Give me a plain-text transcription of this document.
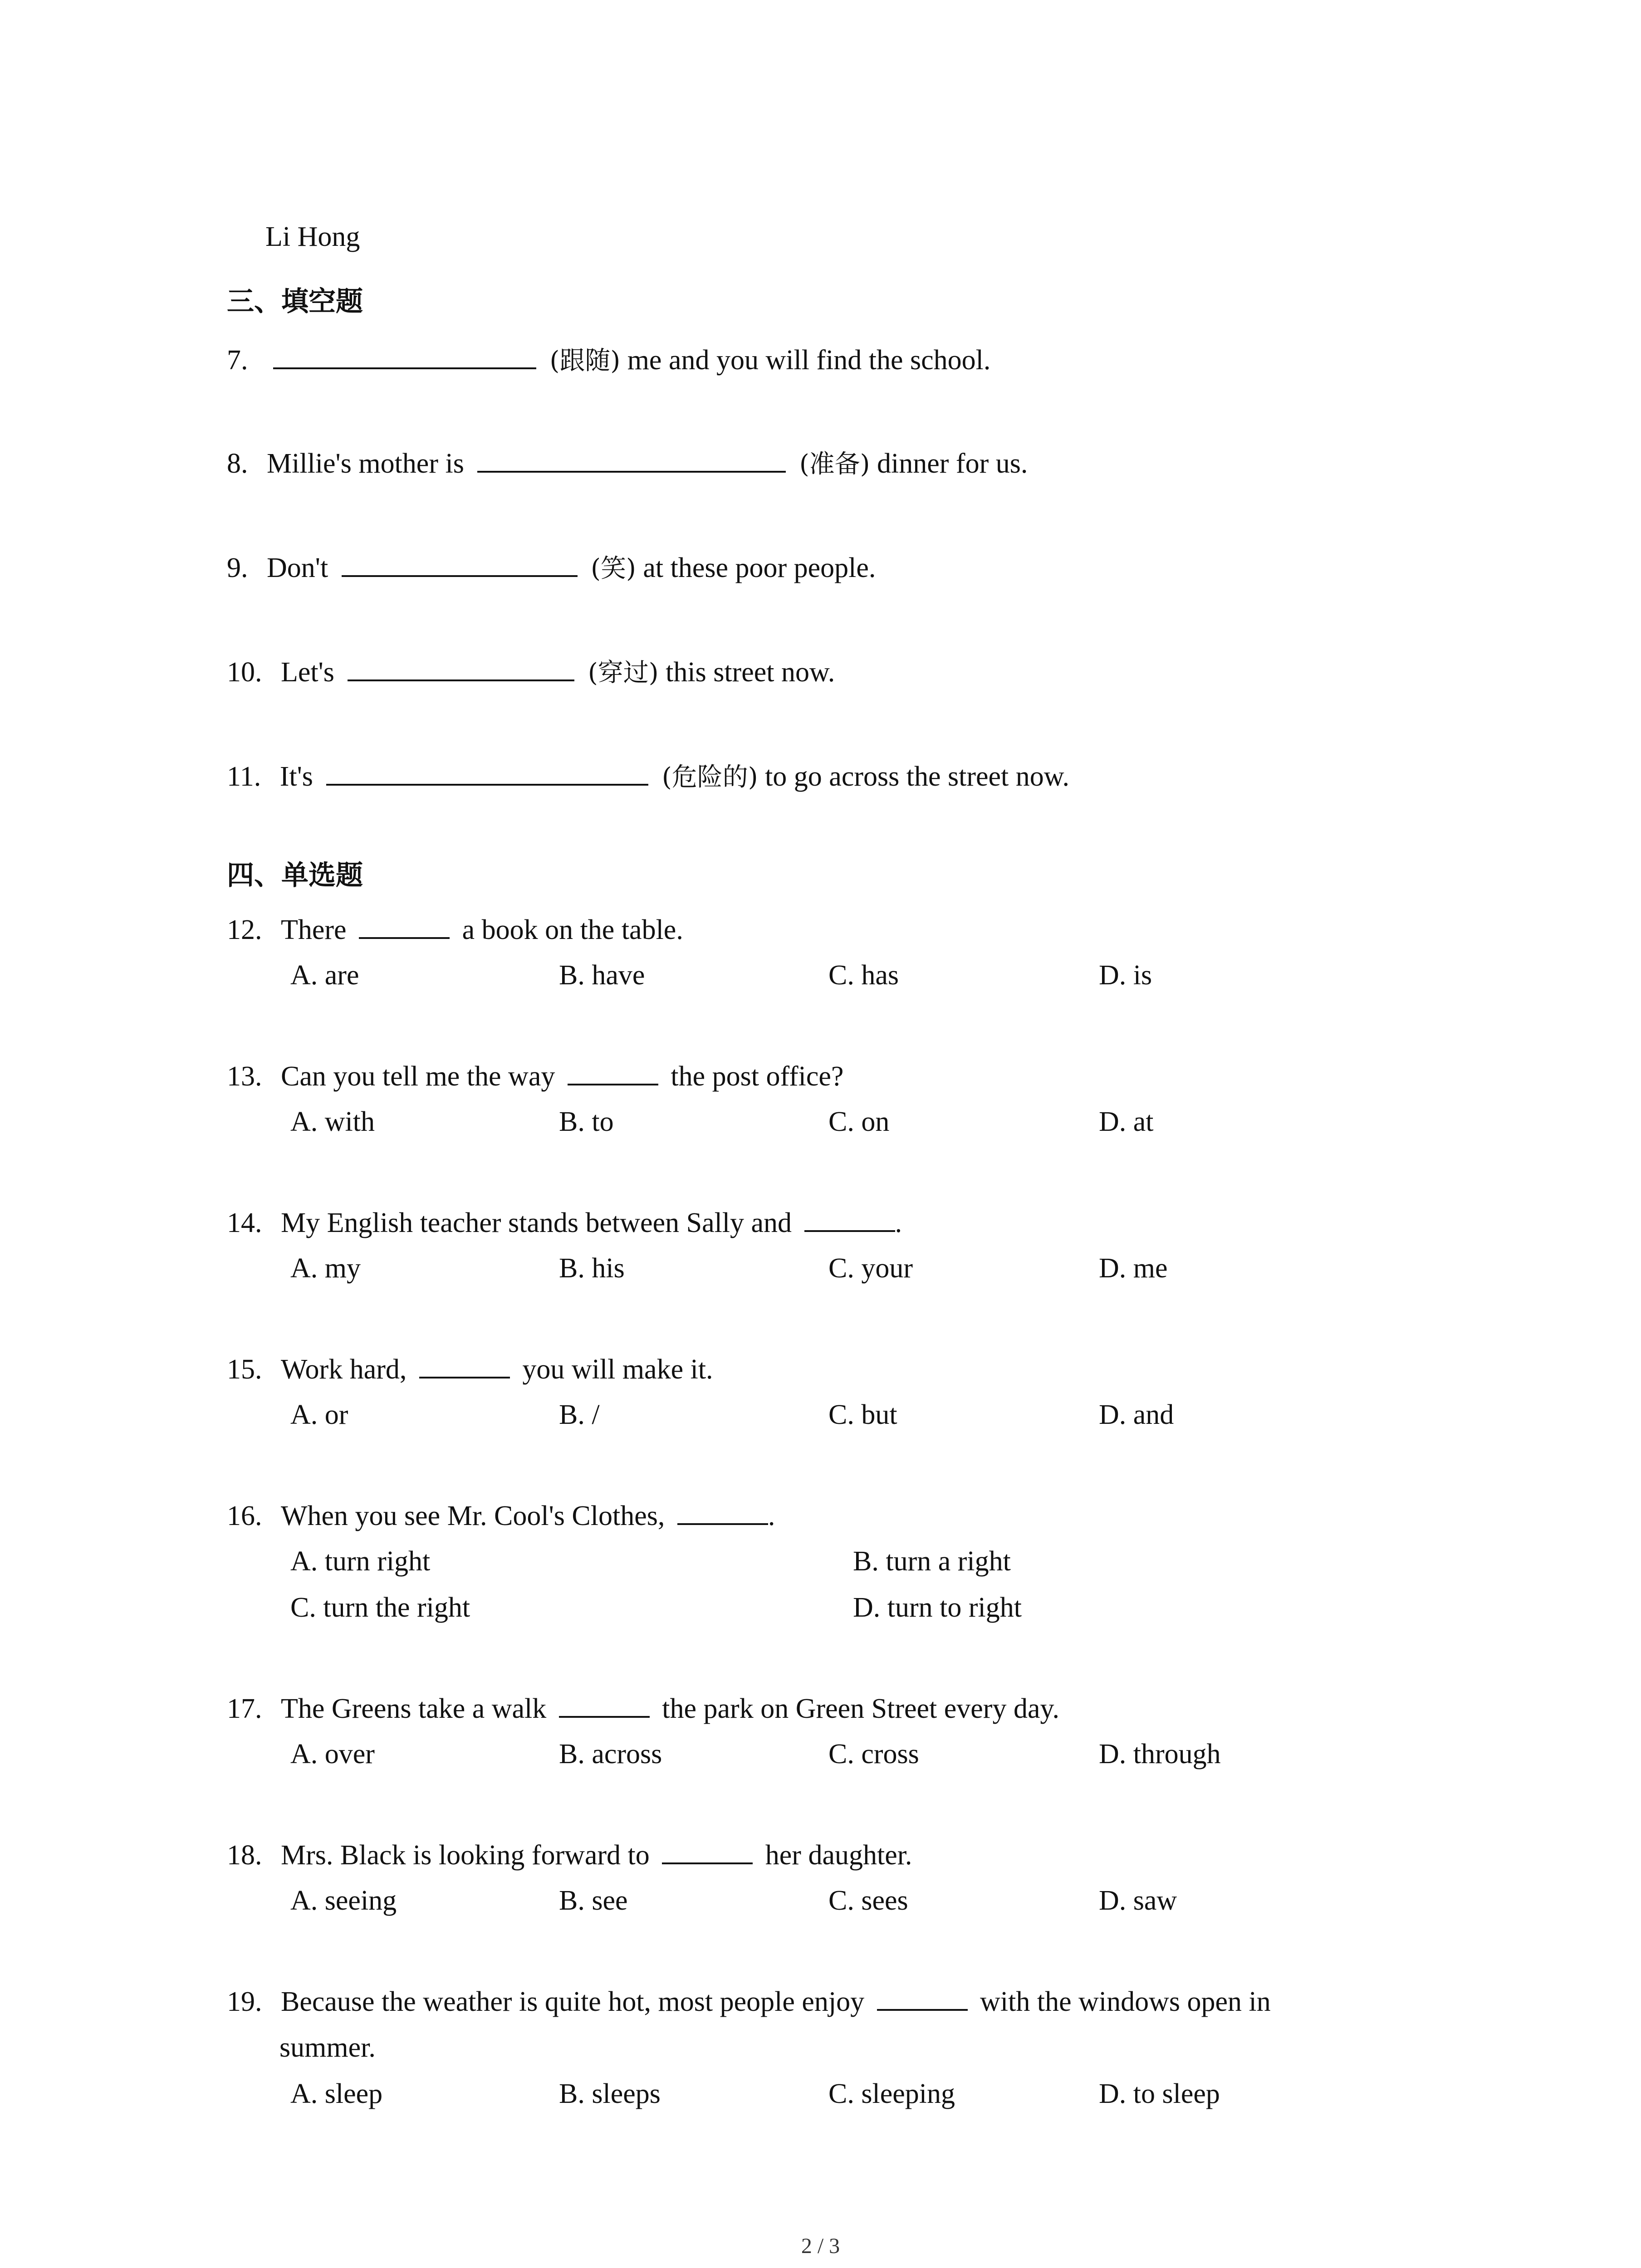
Li Hong
三、填空题
7.	(跟随) me and you will find the school.
8. Millie's mother is	(准备) dinner for us.
9. Don't	(笑) at these poor people.
10. Let's	(穿过) this street now.
11. It's	(危险的) to go across the street now.
四、单选题
12. There	a book on the table.
A. are	B. have	C. has	D. is
13. Can you tell me the way	the post office?
A. with	B. to	C. on	D. at
14. My English teacher stands between Sally and	.
A. my	B. his	C. your	D. me
15. Work hard,	you will make it.
A. or	B. /	C. but	D. and
16. When you see Mr. Cool's Clothes,	.
A. turn right	B. turn a right
C. turn the right	D. turn to right
17. The Greens take a walk	the park on Green Street every day.
A. over	B. across	C. cross	D. through
18. Mrs. Black is looking forward to	her daughter.
A. seeing	B. see	C. sees	D. saw
19. Because the weather is quite hot, most people enjoy	with the windows open in
summer.
A. sleep	B. sleeps	C. sleeping	D. to sleep
2 / 3
